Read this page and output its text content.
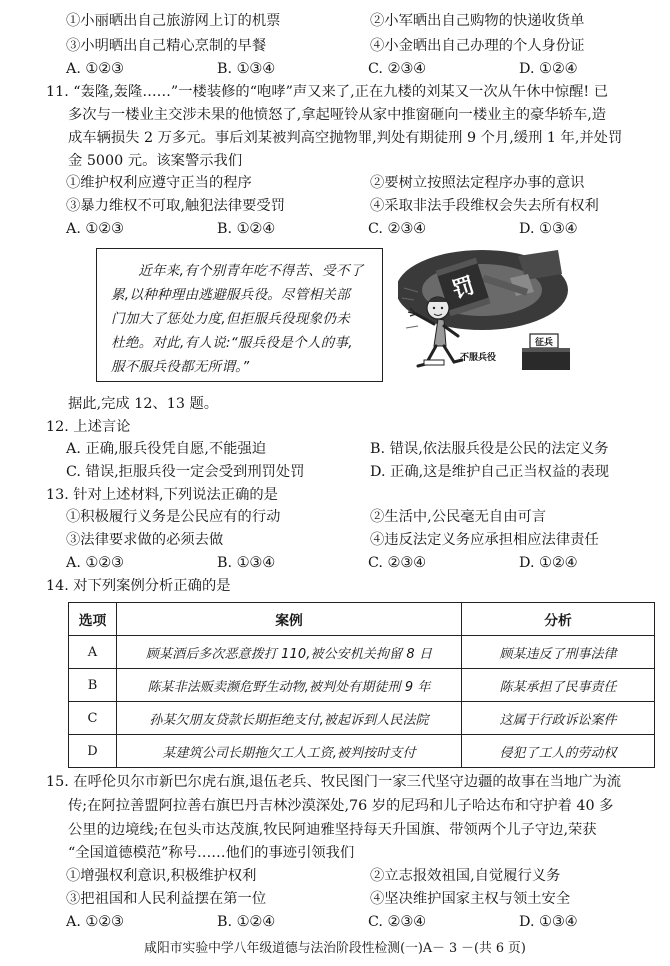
①小丽晒出自己旅游网上订的机票	②小军晒出自己购物的快递收货单
③小明晒出自己精心烹制的早餐	④小金晒出自己办理的个人身份证
A. ①②③	B. ①③④	C. ②③④	D. ①②④
11. “轰隆,轰隆……”一楼装修的“咆哮”声又来了,正在九楼的刘某又一次从午休中惊醒! 已
多次与一楼业主交涉未果的他愤怒了,拿起哑铃从家中推窗砸向一楼业主的豪华轿车,造
成车辆损失 2 万多元。事后刘某被判高空抛物罪,判处有期徒刑 9 个月,缓刑 1 年,并处罚
金 5000 元。该案警示我们
①维护权利应遵守正当的程序	②要树立按照法定程序办事的意识
③暴力维权不可取,触犯法律要受罚	④采取非法手段维权会失去所有权利
A. ①②③	B. ①②④	C. ②③④	D. ①③④
近年来,有个别青年吃不得苦、受不了
累,以种种理由逃避服兵役。尽管相关部
门加大了惩处力度,但拒服兵役现象仍未
杜绝。对此,有人说:“服兵役是个人的事,
服不服兵役都无所谓。”
罚
不服兵役
征兵
据此,完成 12、13 题。
12. 上述言论
A. 正确,服兵役凭自愿,不能强迫	B. 错误,依法服兵役是公民的法定义务
C. 错误,拒服兵役一定会受到刑罚处罚	D. 正确,这是维护自己正当权益的表现
13. 针对上述材料,下列说法正确的是
①积极履行义务是公民应有的行动	②生活中,公民毫无自由可言
③法律要求做的必须去做	④违反法定义务应承担相应法律责任
A. ①②③	B. ①③④	C. ②③④	D. ①②④
14. 对下列案例分析正确的是
选项	案例	分析
A	顾某酒后多次恶意拨打 110,被公安机关拘留 8 日	顾某违反了刑事法律
B	陈某非法贩卖濒危野生动物,被判处有期徒刑 9 年	陈某承担了民事责任
C	孙某欠朋友贷款长期拒绝支付,被起诉到人民法院	这属于行政诉讼案件
D	某建筑公司长期拖欠工人工资,被判按时支付	侵犯了工人的劳动权
15. 在呼伦贝尔市新巴尔虎右旗,退伍老兵、牧民图门一家三代坚守边疆的故事在当地广为流
传;在阿拉善盟阿拉善右旗巴丹吉林沙漠深处,76 岁的尼玛和儿子哈达布和守护着 40 多
公里的边境线;在包头市达茂旗,牧民阿迪雅坚持每天升国旗、带领两个儿子守边,荣获
“全国道德模范”称号……他们的事迹引领我们
①增强权利意识,积极维护权利	②立志报效祖国,自觉履行义务
③把祖国和人民利益摆在第一位	④坚决维护国家主权与领土安全
A. ①②③	B. ①②④	C. ②③④	D. ①③④
咸阳市实验中学八年级道德与法治阶段性检测(一)A－ 3 －(共 6 页)
